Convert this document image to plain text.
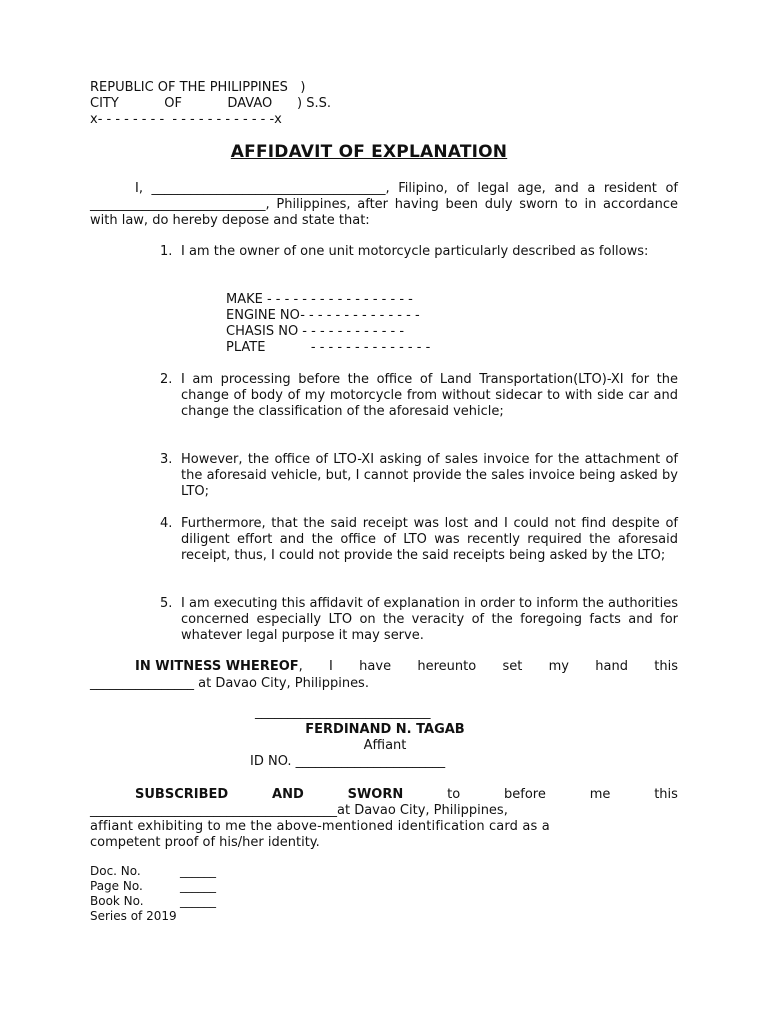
REPUBLIC OF THE PHILIPPINES   )
CITY           OF           DAVAO      ) S.S.
x- - - - - - - -  - - - - - - - - - - - -x
AFFIDAVIT OF EXPLANATION
I, ____________________________________, Filipino, of legal age, and a resident of ___________________________, Philippines, after having been duly sworn to in accordance with law, do hereby depose and state that:
1. I am the owner of one unit motorcycle particularly described as follows:
MAKE - - - - - - - - - - - - - - - - -
ENGINE NO- - - - - - - - - - - - - -
CHASIS NO - - - - - - - - - - - -
PLATE           - - - - - - - - - - - - - -
2. I am processing before the office of Land Transportation(LTO)-XI for the change of body of my motorcycle from without sidecar to with side car and change the classification of the aforesaid vehicle;
3. However, the office of LTO-XI asking of sales invoice for the attachment of the aforesaid vehicle, but, I cannot provide the sales invoice being asked by LTO;
4. Furthermore, that the said receipt was lost and I could not find despite of diligent effort and the office of LTO was recently required the aforesaid receipt, thus, I could not provide the said receipts being asked by the LTO;
5. I am executing this affidavit of explanation in order to inform the authorities concerned especially LTO on the veracity of the foregoing facts and for whatever legal purpose it may serve.
IN WITNESS WHEREOF , I have hereunto set my hand this
________________ at Davao City, Philippines.
___________________________
FERDINAND N. TAGAB
Affiant
ID NO. _______________________
SUBSCRIBED	AND	SWORN	to	before	me	this
______________________________________at Davao City, Philippines,
affiant exhibiting to me the above-mentioned identification card as a
competent proof of his/her identity.
Doc. No.	______
Page No.	______
Book No.	______
Series of 2019
